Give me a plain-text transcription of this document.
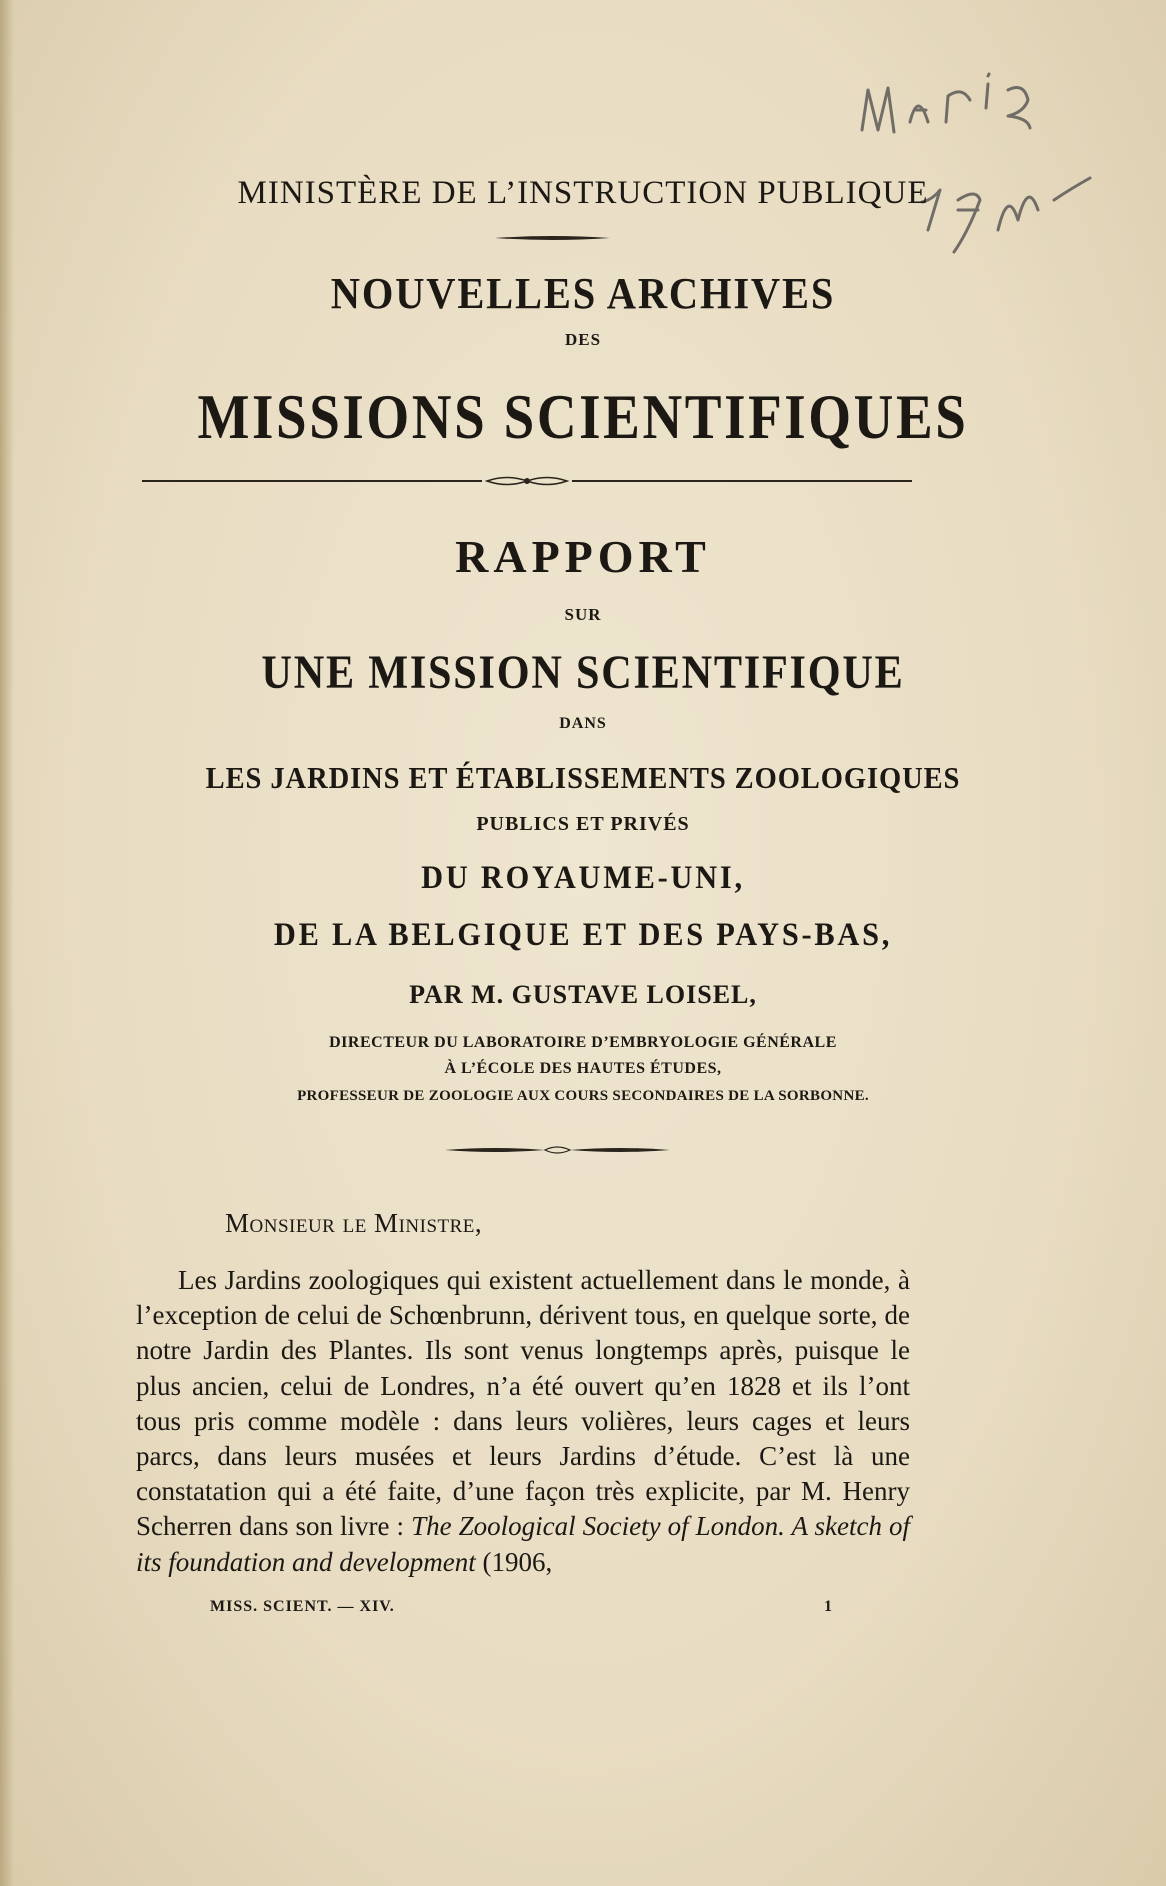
MINISTÈRE DE L’INSTRUCTION PUBLIQUE
NOUVELLES ARCHIVES
DES
MISSIONS SCIENTIFIQUES
RAPPORT
SUR
UNE MISSION SCIENTIFIQUE
DANS
LES JARDINS ET ÉTABLISSEMENTS ZOOLOGIQUES
PUBLICS ET PRIVÉS
DU ROYAUME-UNI,
DE LA BELGIQUE ET DES PAYS-BAS,
PAR M. GUSTAVE LOISEL,
DIRECTEUR DU LABORATOIRE D’EMBRYOLOGIE GÉNÉRALE
À L’ÉCOLE DES HAUTES ÉTUDES,
PROFESSEUR DE ZOOLOGIE AUX COURS SECONDAIRES DE LA SORBONNE.
Monsieur le Ministre,

Les Jardins zoologiques qui existent actuellement dans le monde, à l’exception de celui de Schœnbrunn, dérivent tous, en quelque sorte, de notre Jardin des Plantes. Ils sont venus longtemps après, puisque le plus ancien, celui de Londres, n’a été ouvert qu’en 1828 et ils l’ont tous pris comme modèle : dans leurs volières, leurs cages et leurs parcs, dans leurs musées et leurs Jardins d’étude. C’est là une constatation qui a été faite, d’une façon très explicite, par M. Henry Scherren dans son livre : The Zoological Society of London. A sketch of its foundation and development (1906,

MISS. SCIENT. — XIV.	1
